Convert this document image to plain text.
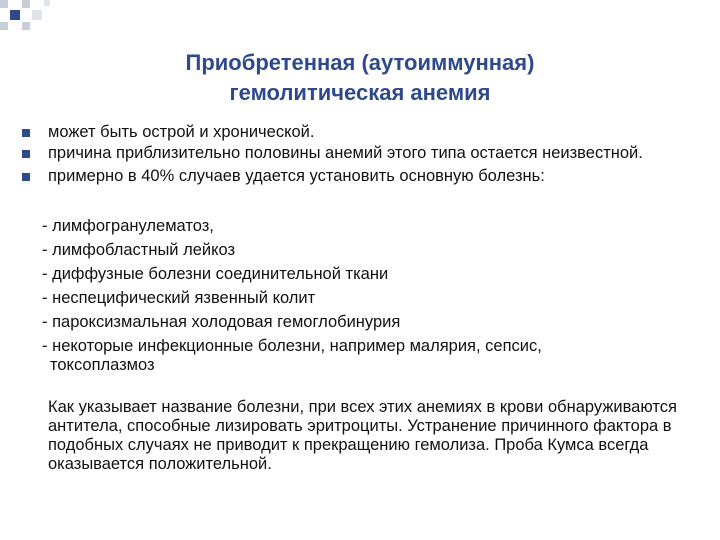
Приобретенная (аутоиммунная)
гемолитическая анемия
может быть острой и хронической.
причина приблизительно половины анемий этого типа остается неизвестной.
примерно в 40% случаев удается установить основную болезнь:
- лимфогранулематоз,
- лимфобластный лейкоз
- диффузные болезни соединительной ткани
- неспецифический язвенный колит
- пароксизмальная холодовая гемоглобинурия
- некоторые инфекционные болезни, например малярия, сепсис,
токсоплазмоз
Как указывает название болезни, при всех этих анемиях в крови обнаруживаются антитела, способные лизировать эритроциты. Устранение причинного фактора в подобных случаях не приводит к прекращению гемолиза. Проба Кумса всегда оказывается положительной.
